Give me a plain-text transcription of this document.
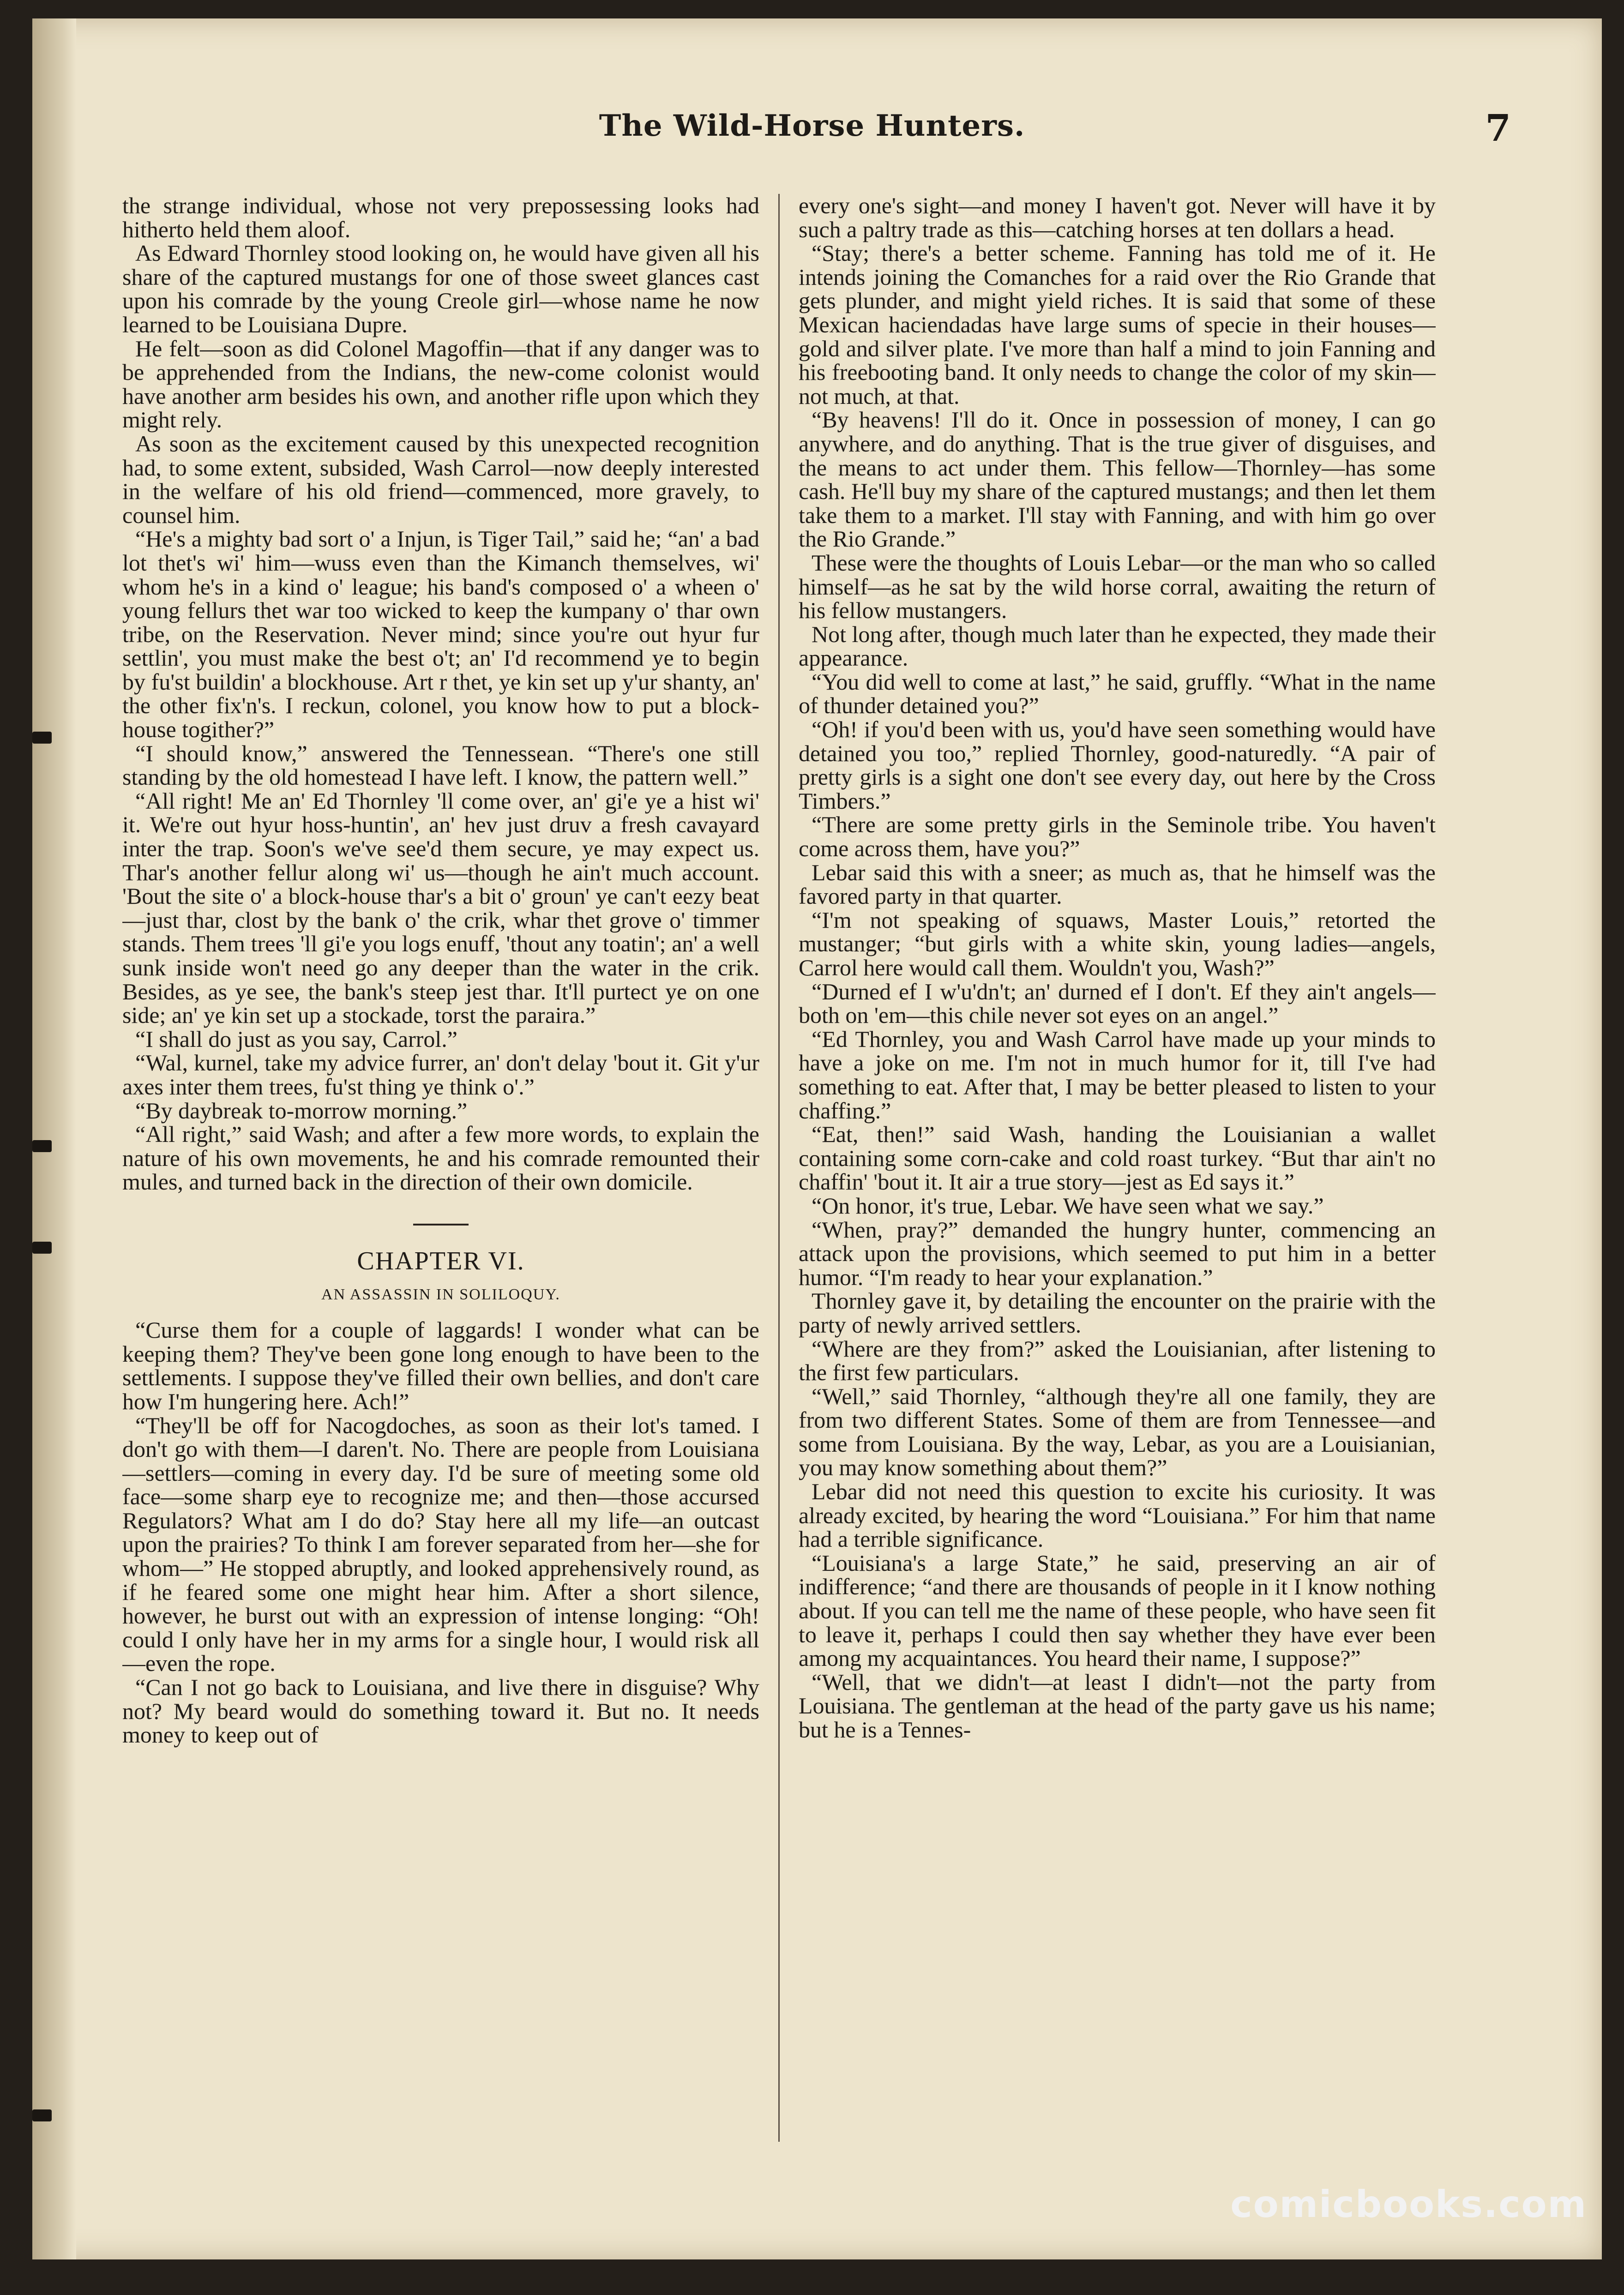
The Wild-Horse Hunters.	7

the strange individual, whose not very prepossessing looks had hitherto held them aloof.

As Edward Thornley stood looking on, he would have given all his share of the captured mustangs for one of those sweet glances cast upon his comrade by the young Creole girl—whose name he now learned to be Louisiana Dupre.

He felt—soon as did Colonel Magoffin—that if any danger was to be apprehended from the Indians, the new-come colonist would have another arm besides his own, and another rifle upon which they might rely.

As soon as the excitement caused by this unexpected recognition had, to some extent, subsided, Wash Carrol—now deeply interested in the welfare of his old friend—commenced, more gravely, to counsel him.

“He's a mighty bad sort o' a Injun, is Tiger Tail,” said he; “an' a bad lot thet's wi' him—wuss even than the Kimanch themselves, wi' whom he's in a kind o' league; his band's composed o' a wheen o' young fellurs thet war too wicked to keep the kumpany o' thar own tribe, on the Reservation. Never mind; since you're out hyur fur settlin', you must make the best o't; an' I'd recommend ye to begin by fu'st buildin' a blockhouse. Art r thet, ye kin set up y'ur shanty, an' the other fix'n's. I reckun, colonel, you know how to put a block-house togither?”

“I should know,” answered the Tennessean. “There's one still standing by the old homestead I have left. I know, the pattern well.”

“All right! Me an' Ed Thornley 'll come over, an' gi'e ye a hist wi' it. We're out hyur hoss-huntin', an' hev just druv a fresh cavayard inter the trap. Soon's we've see'd them secure, ye may expect us. Thar's another fellur along wi' us—though he ain't much account. 'Bout the site o' a block-house thar's a bit o' groun' ye can't eezy beat—just thar, clost by the bank o' the crik, whar thet grove o' timmer stands. Them trees 'll gi'e you logs enuff, 'thout any toatin'; an' a well sunk inside won't need go any deeper than the water in the crik. Besides, as ye see, the bank's steep jest thar. It'll purtect ye on one side; an' ye kin set up a stockade, torst the paraira.”

“I shall do just as you say, Carrol.”

“Wal, kurnel, take my advice furrer, an' don't delay 'bout it. Git y'ur axes inter them trees, fu'st thing ye think o'.”

“By daybreak to-morrow morning.”

“All right,” said Wash; and after a few more words, to explain the nature of his own movements, he and his comrade remounted their mules, and turned back in the direction of their own domicile.

CHAPTER VI.
AN ASSASSIN IN SOLILOQUY.

“Curse them for a couple of laggards! I wonder what can be keeping them? They've been gone long enough to have been to the settlements. I suppose they've filled their own bellies, and don't care how I'm hungering here. Ach!”

“They'll be off for Nacogdoches, as soon as their lot's tamed. I don't go with them—I daren't. No. There are people from Louisiana—settlers—coming in every day. I'd be sure of meeting some old face—some sharp eye to recognize me; and then—those accursed Regulators? What am I do do? Stay here all my life—an outcast upon the prairies? To think I am forever separated from her—she for whom—” He stopped abruptly, and looked apprehensively round, as if he feared some one might hear him. After a short silence, however, he burst out with an expression of intense longing: “Oh! could I only have her in my arms for a single hour, I would risk all—even the rope.

“Can I not go back to Louisiana, and live there in disguise? Why not? My beard would do something toward it. But no. It needs money to keep out of

every one's sight—and money I haven't got. Never will have it by such a paltry trade as this—catching horses at ten dollars a head.

“Stay; there's a better scheme. Fanning has told me of it. He intends joining the Comanches for a raid over the Rio Grande that gets plunder, and might yield riches. It is said that some of these Mexican haciendadas have large sums of specie in their houses—gold and silver plate. I've more than half a mind to join Fanning and his freebooting band. It only needs to change the color of my skin—not much, at that.

“By heavens! I'll do it. Once in possession of money, I can go anywhere, and do anything. That is the true giver of disguises, and the means to act under them. This fellow—Thornley—has some cash. He'll buy my share of the captured mustangs; and then let them take them to a market. I'll stay with Fanning, and with him go over the Rio Grande.”

These were the thoughts of Louis Lebar—or the man who so called himself—as he sat by the wild horse corral, awaiting the return of his fellow mustangers.

Not long after, though much later than he expected, they made their appearance.

“You did well to come at last,” he said, gruffly. “What in the name of thunder detained you?”

“Oh! if you'd been with us, you'd have seen something would have detained you too,” replied Thornley, good-naturedly. “A pair of pretty girls is a sight one don't see every day, out here by the Cross Timbers.”

“There are some pretty girls in the Seminole tribe. You haven't come across them, have you?”

Lebar said this with a sneer; as much as, that he himself was the favored party in that quarter.

“I'm not speaking of squaws, Master Louis,” retorted the mustanger; “but girls with a white skin, young ladies—angels, Carrol here would call them. Wouldn't you, Wash?”

“Durned ef I w'u'dn't; an' durned ef I don't. Ef they ain't angels—both on 'em—this chile never sot eyes on an angel.”

“Ed Thornley, you and Wash Carrol have made up your minds to have a joke on me. I'm not in much humor for it, till I've had something to eat. After that, I may be better pleased to listen to your chaffing.”

“Eat, then!” said Wash, handing the Louisianian a wallet containing some corn-cake and cold roast turkey. “But thar ain't no chaffin' 'bout it. It air a true story—jest as Ed says it.”

“On honor, it's true, Lebar. We have seen what we say.”

“When, pray?” demanded the hungry hunter, commencing an attack upon the provisions, which seemed to put him in a better humor. “I'm ready to hear your explanation.”

Thornley gave it, by detailing the encounter on the prairie with the party of newly arrived settlers.

“Where are they from?” asked the Louisianian, after listening to the first few particulars.

“Well,” said Thornley, “although they're all one family, they are from two different States. Some of them are from Tennessee—and some from Louisiana. By the way, Lebar, as you are a Louisianian, you may know something about them?”

Lebar did not need this question to excite his curiosity. It was already excited, by hearing the word “Louisiana.” For him that name had a terrible significance.

“Louisiana's a large State,” he said, preserving an air of indifference; “and there are thousands of people in it I know nothing about. If you can tell me the name of these people, who have seen fit to leave it, perhaps I could then say whether they have ever been among my acquaintances. You heard their name, I suppose?”

“Well, that we didn't—at least I didn't—not the party from Louisiana. The gentleman at the head of the party gave us his name; but he is a Tennes-

comicbooks.com
